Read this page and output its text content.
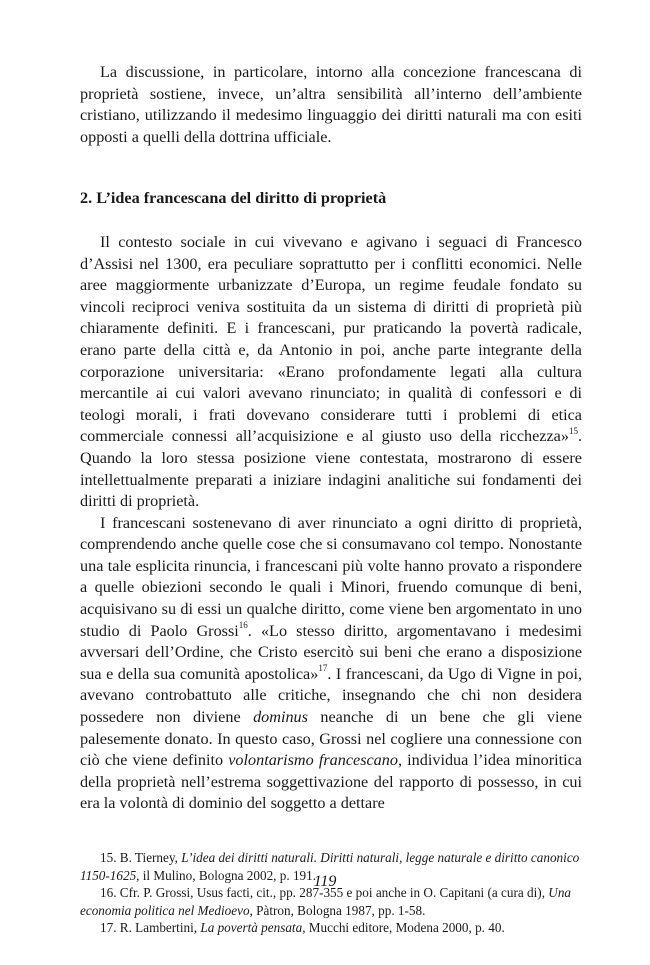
La discussione, in particolare, intorno alla concezione francescana di proprietà sostiene, invece, un’altra sensibilità all’interno dell’ambiente cristiano, utilizzando il medesimo linguaggio dei diritti naturali ma con esiti opposti a quelli della dottrina ufficiale.

2. L’idea francescana del diritto di proprietà

Il contesto sociale in cui vivevano e agivano i seguaci di Francesco d’Assisi nel 1300, era peculiare soprattutto per i conflitti economici. Nelle aree maggiormente urbanizzate d’Europa, un regime feudale fondato su vincoli reciproci veniva sostituita da un sistema di diritti di proprietà più chiaramente definiti. E i francescani, pur praticando la povertà radicale, erano parte della città e, da Antonio in poi, anche parte integrante della corporazione universitaria: «Erano profondamente legati alla cultura mercantile ai cui valori avevano rinunciato; in qualità di confessori e di teologi morali, i frati dovevano considerare tutti i problemi di etica commerciale connessi all’acquisizione e al giusto uso della ricchezza»$^{15}$. Quando la loro stessa posizione viene contestata, mostrarono di essere intellettualmente preparati a iniziare indagini analitiche sui fondamenti dei diritti di proprietà.

I francescani sostenevano di aver rinunciato a ogni diritto di proprietà, comprendendo anche quelle cose che si consumavano col tempo. Nonostante una tale esplicita rinuncia, i francescani più volte hanno provato a rispondere a quelle obiezioni secondo le quali i Minori, fruendo comunque di beni, acquisivano su di essi un qualche diritto, come viene ben argomentato in uno studio di Paolo Grossi$^{16}$. «Lo stesso diritto, argomentavano i medesimi avversari dell’Ordine, che Cristo esercitò sui beni che erano a disposizione sua e della sua comunità apostolica»$^{17}$. I francescani, da Ugo di Vigne in poi, avevano controbattuto alle critiche, insegnando che chi non desidera possedere non diviene dominus neanche di un bene che gli viene palesemente donato. In questo caso, Grossi nel cogliere una connessione con ciò che viene definito volontarismo francescano, individua l’idea minoritica della proprietà nell’estrema soggettivazione del rapporto di possesso, in cui era la volontà di dominio del soggetto a dettare

15. B. Tierney, L’idea dei diritti naturali. Diritti naturali, legge naturale e diritto canonico 1150-1625, il Mulino, Bologna 2002, p. 191.

16. Cfr. P. Grossi, Usus facti, cit., pp. 287-355 e poi anche in O. Capitani (a cura di), Una economia politica nel Medioevo, Pàtron, Bologna 1987, pp. 1-58.

17. R. Lambertini, La povertà pensata, Mucchi editore, Modena 2000, p. 40.

119
